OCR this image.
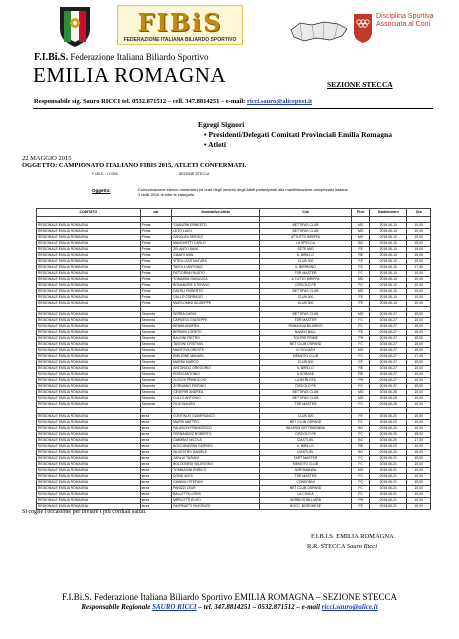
FIBiS
FEDERAZIONE ITALIANA BILIARDO SPORTIVO
Disciplina Sportiva
Associata al Coni
F.I.Bi.S. Federazione Italiana Biliardo Sportivo
EMILIA ROMAGNA	SEZIONE STECCA
Responsabile sig. Sauro RICCI tel. 0532.871512 – cell. 347.8814251 – e-mail: ricci.sauro@alicepost.it
Egregi Signori
• Presidenti/Delegati Comitati Provinciali Emilia Romagna
• Atleti
22 MAGGIO 2015
OGGETTO: CAMPIONATO ITALIANO FIBIS 2015, ATLETI CONFERMATI.
F.I.Bi.S. - I.CONI	SEZIONE STECCA
Oggetto:	Comunicazione elenco nominativi ed orari degli incontri degli Atleti partecipanti alla manifestazione campionato italiano 3 birilli 2015 di tutte le categorie.
COMITATO	cat	Nominativo Atleta	Cub	Prov	DataIncontro	Ora

REGIONALE EMILIA ROMAGNA	Prima	GUANZINI ERNESTO	BETTIFAS CLUB	MO	2015-06-10	10,00
REGIONALE EMILIA ROMAGNA	Prima	LETO LUIGI	BETTIFAS CLUB	MO	2015-06-10	10,00
REGIONALE EMILIA ROMAGNA	Prima	ZANOLINI SERGIO	ATTUTTO BIRIFFA	MO	2015-06-10	15,00
REGIONALE EMILIA ROMAGNA	Prima	MANCHETTI CARLO	LA SPECCA	BO	2015-06-10	15,00
REGIONALE EMILIA ROMAGNA	Prima	ZELANTO SAVA	SETE MIG	FE	2015-06-10	15,00
REGIONALE EMILIA ROMAGNA	Prima	GIAURI IVAN	IL BIRILLO	RE	2015-06-10	15,00
REGIONALE EMILIA ROMAGNA	Prima	VITELLOZZI NATURA	CLUB 300	FE	2015-06-10	15,00
REGIONALE EMILIA ROMAGNA	Prima	TAVOLLI ANTONIO	IL BIRRIGNO	PC	2015-06-10	17,30
REGIONALE EMILIA ROMAGNA	Prima	FATTORINI FAUSTO	TDR MASTER	FC	2015-06-10	10,00
REGIONALE EMILIA ROMAGNA	Prima	TOMASINI GIANLUCA	A TUTTO BIRIFFA	MO	2015-06-10	10,00
REGIONALE EMILIA ROMAGNA	Prima	BONAMORE STEFANO	CIRCOLO PE	FC	2015-06-10	10,00
REGIONALE EMILIA ROMAGNA	Prima	DAVOLI ROBERTO	BETTIFAS CLUB	MO	2015-06-10	10,00
REGIONALE EMILIA ROMAGNA	Prima	GALLO CORRADO	CLUB 300	FE	2015-06-10	10,00
REGIONALE EMILIA ROMAGNA	Prima	MARCOMINI GIUSEPPE	CLUB 300	FE	2015-06-10	10,00

REGIONALE EMILIA ROMAGNA	Seconda	SERRA DARIO	BETTIFAS CLUB	MO	2015-06-27	10,00
REGIONALE EMILIA ROMAGNA	Seconda	CAPASSO GIUSEPPE	TDR MASTER	FC	2015-06-27	10,00
REGIONALE EMILIA ROMAGNA	Seconda	BENINI ANDREA	ROMAGNA BILIARDO	FC	2015-06-27	15,00
REGIONALE EMILIA ROMAGNA	Seconda	BERNINI LORETO	NANDO BALL	FE	2015-06-27	15,00
REGIONALE EMILIA ROMAGNA	Seconda	BALDINI PIETRO	TOLTRE PRIME	PR	2015-06-27	15,00
REGIONALE EMILIA ROMAGNA	Seconda	TASSINI CRISTIAN	BET CLUB OSPAND	FC	2015-06-27	15,00
REGIONALE EMILIA ROMAGNA	Seconda	MANTOVA ORESTE	CI GOLIATH	MO	2015-06-27	15,00
REGIONALE EMILIA ROMAGNA	Seconda	EMILIONE MANUEL	MEMOTO CLUB	FC	2015-06-27	17,30
REGIONALE EMILIA ROMAGNA	Seconda	MARINI MARCO	CLUB 300	FE	2015-06-27	10,00
REGIONALE EMILIA ROMAGNA	Seconda	ANTONIOLI GREGORIO	IL BIRILLO	RE	2015-06-27	10,00
REGIONALE EMILIA ROMAGNA	Seconda	ROSSI ANTONIO	ILSORASE	RE	2015-06-27	10,00
REGIONALE EMILIA ROMAGNA	Seconda	ZUCCHI PRIMUCCIO	LA BERLOTA	PR	2015-06-27	10,00
REGIONALE EMILIA ROMAGNA	Seconda	ZORNIANO PIERINO	CIRCOLO PE	FC	2015-06-27	10,00
REGIONALE EMILIA ROMAGNA	Seconda	GESERRI ANDREA	BETTIFAS CLUB	MO	2015-06-28	10,00
REGIONALE EMILIA ROMAGNA	Seconda	CULLO ANTONIO	BETTIFAS CLUB	MO	2015-06-28	10,00
REGIONALE EMILIA ROMAGNA	Seconda	ZILIO MAURO	TDR MASTER	FC	2015-06-28	10,00

REGIONALE EMILIA ROMAGNA	terza	CONTINUO GIANFRANCO	CLUB 300	FE	2015-06-20	10,00
REGIONALE EMILIA ROMAGNA	terza	MARRI MATTEO	BET CLUB OSPAND	FC	2015-06-20	10,00
REGIONALE EMILIA ROMAGNA	terza	FALASCHI FRANCESCO	BILIARDI SETTEMONNA	BO	2015-06-20	10,00
REGIONALE EMILIA ROMAGNA	terza	FERNANDEZ ROBERTO	CIRCOLO PE	FC	2015-06-20	15,00
REGIONALE EMILIA ROMAGNA	terza	CIMMINO NICOLA	CIASTLIEL	BO	2015-06-20	17,30
REGIONALE EMILIA ROMAGNA	terza	BOCCANEGRA GIORGIO	IL BIRILLO	RE	2015-06-20	10,00
REGIONALE EMILIA ROMAGNA	terza	SILVESTRO DANIELE	CIASTLIEL	BO	2015-06-20	15,00
REGIONALE EMILIA ROMAGNA	terza	ZANLUI TAZIANI	TART MASTER	FC	2015-06-21	10,00
REGIONALE EMILIA ROMAGNA	terza	BOLOGNESI VALENTINO	MEMOTO CLUB	FC	2015-06-21	10,00
REGIONALE EMILIA ROMAGNA	terza	TOMMASINI ENRICO	AVROMANDA	MO	2015-06-21	10,00
REGIONALE EMILIA ROMAGNA	terza	DONA' ALEX	TDR MASTER	FC	2015-06-21	10,00
REGIONALE EMILIA ROMAGNA	terza	GIANNILI STEFANI	CONSONNI	PC	2015-06-21	10,00
REGIONALE EMILIA ROMAGNA	terza	PANIZZI LEAR	BET CLUB OSPAND	FC	2015-06-21	10,00
REGIONALE EMILIA ROMAGNA	terza	BALLETTA LORIS	LA CIVICA	FC	2015-06-21	10,00
REGIONALE EMILIA ROMAGNA	terza	MERLOTTI ELVIO	GERBIOS BILLIARD	PR	2015-06-21	10,00
REGIONALE EMILIA ROMAGNA	terza	FAVPINATTI VINCENZO	BOCC. BORGHESE	FE	2015-06-21	10,00
Si coglie l'occasione per inviare i più cordiali saluti.
F.I.B.I.S. EMILIA ROMAGNA
R.R. STECCA Sauro Ricci
F.I.Bi.S. Federazione Italiana Biliardo Sportivo EMILIA ROMAGNA – SEZIONE STECCA
Responsabile Regionale SAURO RICCI – tel. 347.8814251 – 0532.871512 – e-mail ricci.sauro@alice.it
